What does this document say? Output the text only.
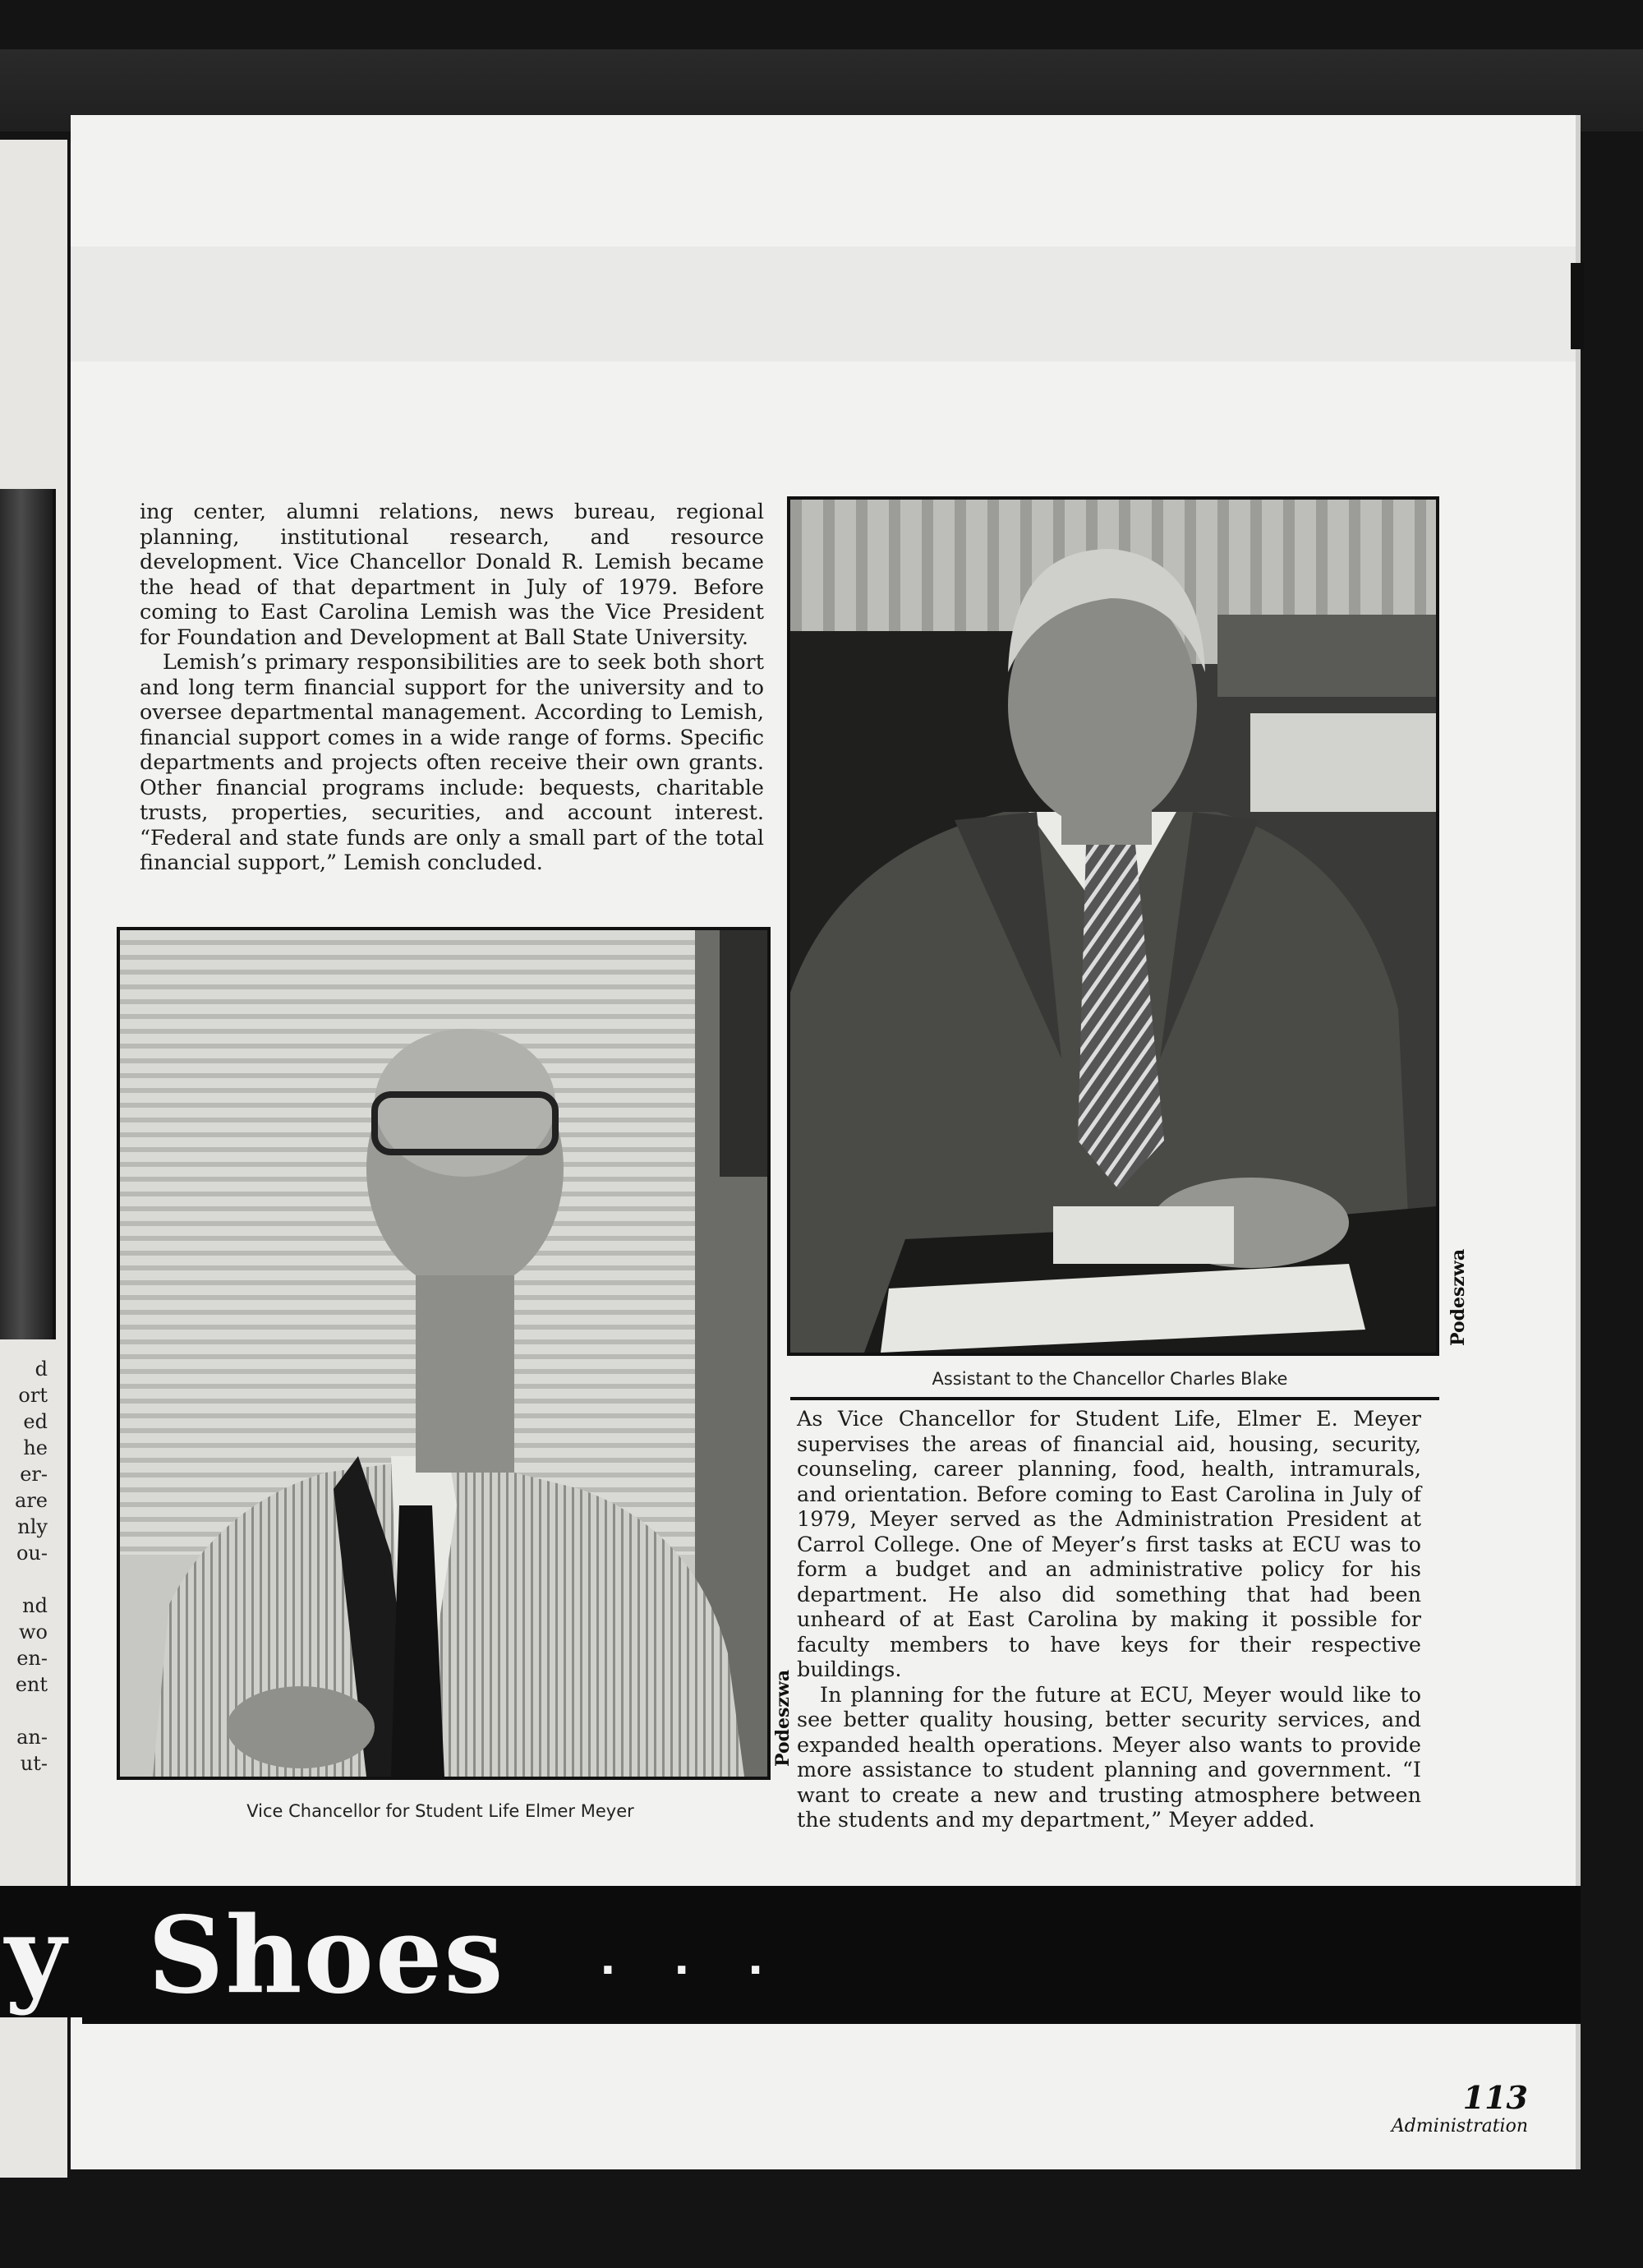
d
ort
ed
he
er-
are
nly
ou-
nd
wo
en-
ent
an-
ut-

ing center, alumni relations, news bureau, regional planning, institutional research, and resource development. Vice Chancellor Donald R. Lemish became the head of that department in July of 1979. Before coming to East Carolina Lemish was the Vice President for Foundation and Development at Ball State University.

Lemish’s primary responsibilities are to seek both short and long term financial support for the university and to oversee departmental management. According to Lemish, financial support comes in a wide range of forms. Specific departments and projects often receive their own grants. Other financial programs include: bequests, charitable trusts, properties, securities, and account interest. “Federal and state funds are only a small part of the total financial support,” Lemish concluded.

Podeszwa
Vice Chancellor for Student Life Elmer Meyer
Podeszwa
Assistant to the Chancellor Charles Blake

As Vice Chancellor for Student Life, Elmer E. Meyer supervises the areas of financial aid, housing, security, counseling, career planning, food, health, intramurals, and orientation. Before coming to East Carolina in July of 1979, Meyer served as the Administration President at Carrol College. One of Meyer’s first tasks at ECU was to form a budget and an administrative policy for his department. He also did something that had been unheard of at East Carolina by making it possible for faculty members to have keys for their respective buildings.

In planning for the future at ECU, Meyer would like to see better quality housing, better security services, and expanded health operations. Meyer also wants to provide more assistance to student planning and government. “I want to create a new and trusting atmosphere between the students and my department,” Meyer added.

y Shoes . . .
113
Administration
